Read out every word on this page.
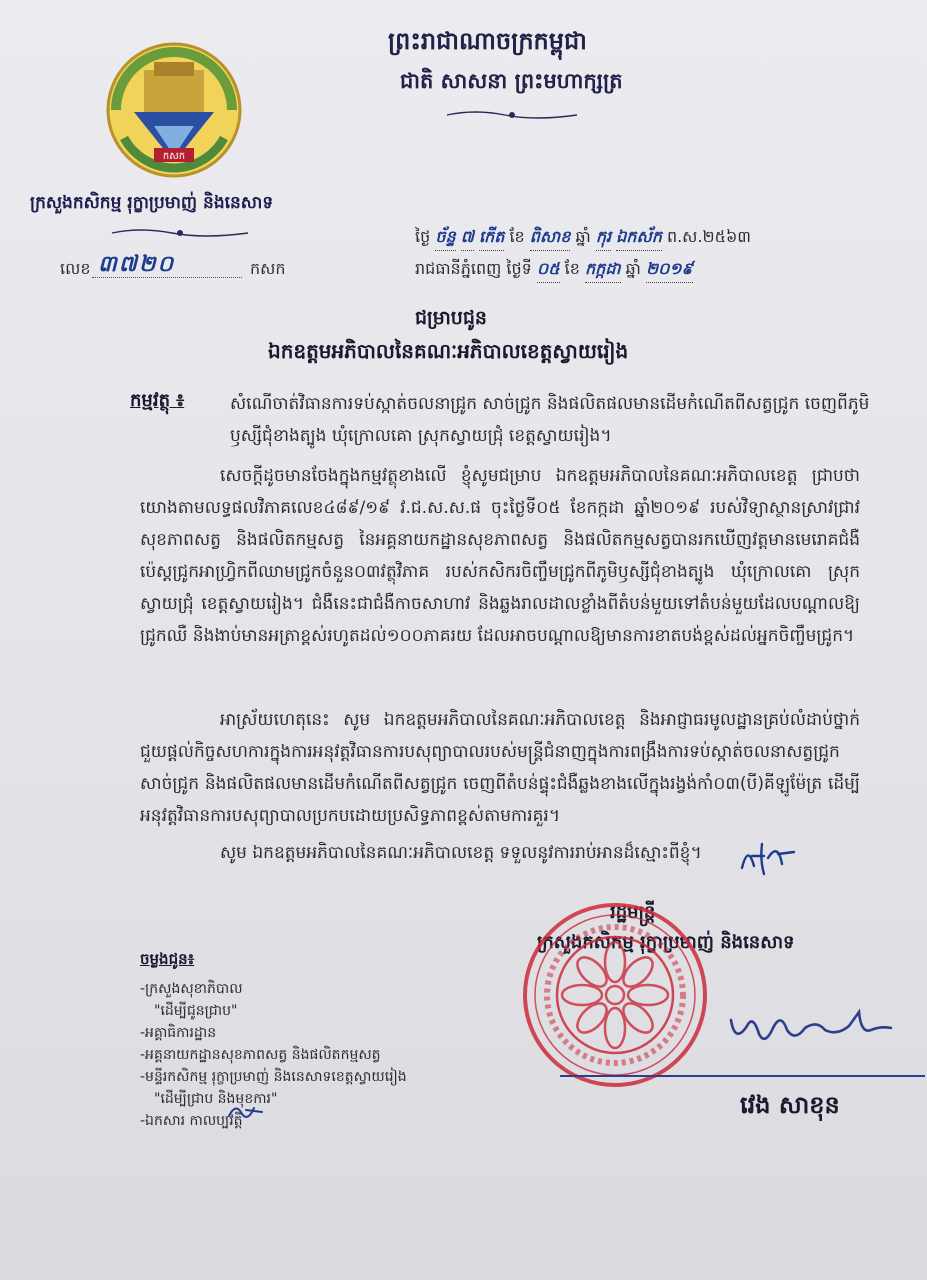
កសក
ព្រះរាជាណាចក្រកម្ពុជា
ជាតិ សាសនា ព្រះមហាក្សត្រ
ក្រសួងកសិកម្ម រុក្ខាប្រមាញ់ និងនេសាទ
លេខ ៣៧២០	កសក
ថ្ងៃ ច័ន្ទ ៧ កើត ខែ ពិសាខ ឆ្នាំ កុរ ឯកស័ក ព.ស.២៥៦៣
រាជធានីភ្នំពេញ ថ្ងៃទី ០៥ ខែ កក្កដា ឆ្នាំ ២០១៩
ជម្រាបជូន
ឯកឧត្តមអភិបាលនៃគណៈអភិបាលខេត្តស្វាយរៀង
កម្មវត្ថុ ៖	សំណើចាត់វិធានការទប់ស្កាត់ចលនាជ្រូក សាច់ជ្រូក និងផលិតផលមានដើមកំណើតពីសត្វជ្រូក ចេញពីភូមិឫស្សីជុំខាងត្បូង ឃុំក្រោលគោ ស្រុកស្វាយជ្រុំ ខេត្តស្វាយរៀង។
សេចក្តីដូចមានចែងក្នុងកម្មវត្ថុខាងលើ ខ្ញុំសូមជម្រាប ឯកឧត្តមអភិបាលនៃគណៈអភិបាលខេត្ត ជ្រាបថា យោងតាមលទ្ធផលវិភាគលេខ៤៨៩/១៩ វ.ជ.ស.ស.ផ ចុះថ្ងៃទី០៥ ខែកក្កដា ឆ្នាំ២០១៩ របស់វិទ្យាស្ថានស្រាវជ្រាវសុខភាពសត្វ និងផលិតកម្មសត្វ នៃអគ្គនាយកដ្ឋានសុខភាពសត្វ និងផលិតកម្មសត្វបានរកឃើញវត្តមានមេរោគជំងឺប៉េស្តជ្រូកអាហ្វ្រិកពីឈាមជ្រូកចំនួន០៣វត្ថុវិភាគ របស់កសិករចិញ្ចឹមជ្រូកពីភូមិឫស្សីជុំខាងត្បូង ឃុំក្រោលគោ ស្រុកស្វាយជ្រុំ ខេត្តស្វាយរៀង។ ជំងឺនេះជាជំងឺកាចសាហាវ និងឆ្លងរាលដាលខ្លាំងពីតំបន់មួយទៅតំបន់មួយដែលបណ្តាលឱ្យជ្រូកឈឺ និងងាប់មានអត្រាខ្ពស់រហូតដល់១០០ភាគរយ ដែលអាចបណ្តាលឱ្យមានការខាតបង់ខ្ពស់ដល់អ្នកចិញ្ចឹមជ្រូក។
អាស្រ័យហេតុនេះ សូម ឯកឧត្តមអភិបាលនៃគណៈអភិបាលខេត្ត និងអាជ្ញាធរមូលដ្ឋានគ្រប់លំដាប់ថ្នាក់ ជួយផ្តល់កិច្ចសហការក្នុងការអនុវត្តវិធានការបសុព្យាបាលរបស់មន្ត្រីជំនាញក្នុងការពង្រឹងការទប់ស្កាត់ចលនាសត្វជ្រូក សាច់ជ្រូក និងផលិតផលមានដើមកំណើតពីសត្វជ្រូក ចេញពីតំបន់ផ្ទុះជំងឺឆ្លងខាងលើក្នុងរង្វង់កាំ០៣(បី)គីឡូម៉ែត្រ ដើម្បីអនុវត្តវិធានការបសុព្យាបាលប្រកបដោយប្រសិទ្ធភាពខ្ពស់តាមការគួរ។
សូម ឯកឧត្តមអភិបាលនៃគណៈអភិបាលខេត្ត ទទួលនូវការរាប់អានដ៏ស្មោះពីខ្ញុំ។
រដ្ឋមន្ត្រី
ក្រសួងកសិកម្ម រុក្ខាប្រមាញ់ និងនេសាទ
វេង សាខុន
ចម្លងជូន៖
-ក្រសួងសុខាភិបាល
"ដើម្បីជូនជ្រាប"
-អគ្គាធិការដ្ឋាន
-អគ្គនាយកដ្ឋានសុខភាពសត្វ និងផលិតកម្មសត្វ
-មន្ទីរកសិកម្ម រុក្ខាប្រមាញ់ និងនេសាទខេត្តស្វាយរៀង
"ដើម្បីជ្រាប និងមុខការ"
-ឯកសារ កាលប្បវត្តិ
